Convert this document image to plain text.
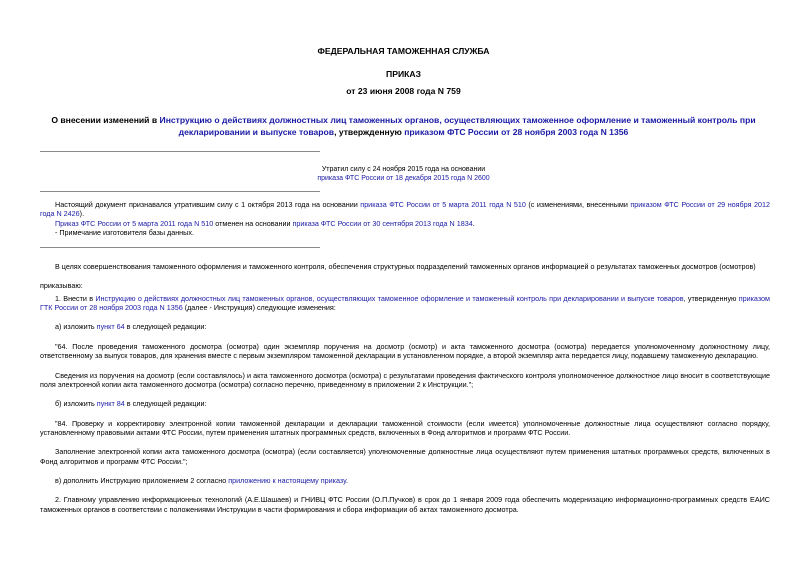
ФЕДЕРАЛЬНАЯ ТАМОЖЕННАЯ СЛУЖБА
ПРИКАЗ
от 23 июня 2008 года N 759
О внесении изменений в Инструкцию о действиях должностных лиц таможенных органов, осуществляющих таможенное оформление и таможенный контроль при декларировании и выпуске товаров, утвержденную приказом ФТС России от 28 ноября 2003 года N 1356

Утратил силу с 24 ноября 2015 года на основании

приказа ФТС России от 18 декабря 2015 года N 2600

Настоящий документ признавался утратившим силу с 1 октября 2013 года на основании приказа ФТС России от 5 марта 2011 года N 510 (с изменениями, внесенными приказом ФТС России от 29 ноября 2012 года N 2426).

Приказ ФТС России от 5 марта 2011 года N 510 отменен на основании приказа ФТС России от 30 сентября 2013 года N 1834.

- Примечание изготовителя базы данных.

В целях совершенствования таможенного оформления и таможенного контроля, обеспечения структурных подразделений таможенных органов информацией о результатах таможенных досмотров (осмотров)

приказываю:

1. Внести в Инструкцию о действиях должностных лиц таможенных органов, осуществляющих таможенное оформление и таможенный контроль при декларировании и выпуске товаров, утвержденную приказом ГТК России от 28 ноября 2003 года N 1356 (далее - Инструкция) следующие изменения:

а) изложить пункт 64 в следующей редакции:

"64. После проведения таможенного досмотра (осмотра) один экземпляр поручения на досмотр (осмотр) и акта таможенного досмотра (осмотра) передается уполномоченному должностному лицу, ответственному за выпуск товаров, для хранения вместе с первым экземпляром таможенной декларации в установленном порядке, а второй экземпляр акта передается лицу, подавшему таможенную декларацию.

Сведения из поручения на досмотр (если составлялось) и акта таможенного досмотра (осмотра) с результатами проведения фактического контроля уполномоченное должностное лицо вносит в соответствующие поля электронной копии акта таможенного досмотра (осмотра) согласно перечню, приведенному в приложении 2 к Инструкции.";

б) изложить пункт 84 в следующей редакции:

"84. Проверку и корректировку электронной копии таможенной декларации и декларации таможенной стоимости (если имеется) уполномоченные должностные лица осуществляют согласно порядку, установленному правовыми актами ФТС России, путем применения штатных программных средств, включенных в Фонд алгоритмов и программ ФТС России.

Заполнение электронной копии акта таможенного досмотра (осмотра) (если составляется) уполномоченные должностные лица осуществляют путем применения штатных программных средств, включенных в Фонд алгоритмов и программ ФТС России.";

в) дополнить Инструкцию приложением 2 согласно приложению к настоящему приказу.

2. Главному управлению информационных технологий (А.Е.Шашаев) и ГНИВЦ ФТС России (О.П.Пучков) в срок до 1 января 2009 года обеспечить модернизацию информационно-программных средств ЕАИС таможенных органов в соответствии с положениями Инструкции в части формирования и сбора информации об актах таможенного досмотра.
